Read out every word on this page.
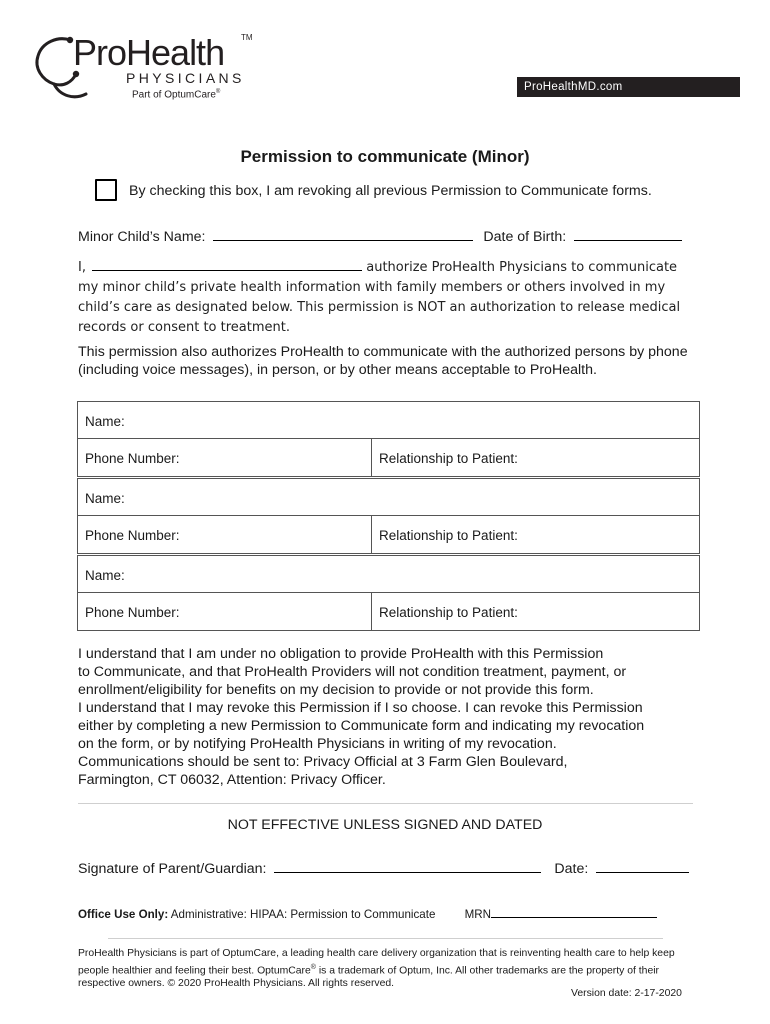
ProHealth TM
PHYSICIANS
Part of OptumCare®	ProHealthMD.com
Permission to communicate (Minor)
By checking this box, I am revoking all previous Permission to Communicate forms.
Minor Child’s Name:	Date of Birth:
I,	authorize ProHealth Physicians to communicate
my minor child’s private health information with family members or others involved in my
child’s care as designated below. This permission is NOT an authorization to release medical
records or consent to treatment.
This permission also authorizes ProHealth to communicate with the authorized persons by phone (including voice messages), in person, or by other means acceptable to ProHealth.
Name:
Phone Number:	Relationship to Patient:
Name:
Phone Number:	Relationship to Patient:
Name:
Phone Number:	Relationship to Patient:
I understand that I am under no obligation to provide ProHealth with this Permission
to Communicate, and that ProHealth Providers will not condition treatment, payment, or
enrollment/eligibility for benefits on my decision to provide or not provide this form.
I understand that I may revoke this Permission if I so choose. I can revoke this Permission
either by completing a new Permission to Communicate form and indicating my revocation
on the form, or by notifying ProHealth Physicians in writing of my revocation.
Communications should be sent to: Privacy Official at 3 Farm Glen Boulevard,
Farmington, CT 06032, Attention: Privacy Officer.
NOT EFFECTIVE UNLESS SIGNED AND DATED
Signature of Parent/Guardian:	Date:
Office Use Only: Administrative: HIPAA: Permission to Communicate	MRN
ProHealth Physicians is part of OptumCare, a leading health care delivery organization that is reinventing health care to help keep people healthier and feeling their best. OptumCare® is a trademark of Optum, Inc. All other trademarks are the property of their respective owners. © 2020 ProHealth Physicians. All rights reserved.
Version date: 2-17-2020
